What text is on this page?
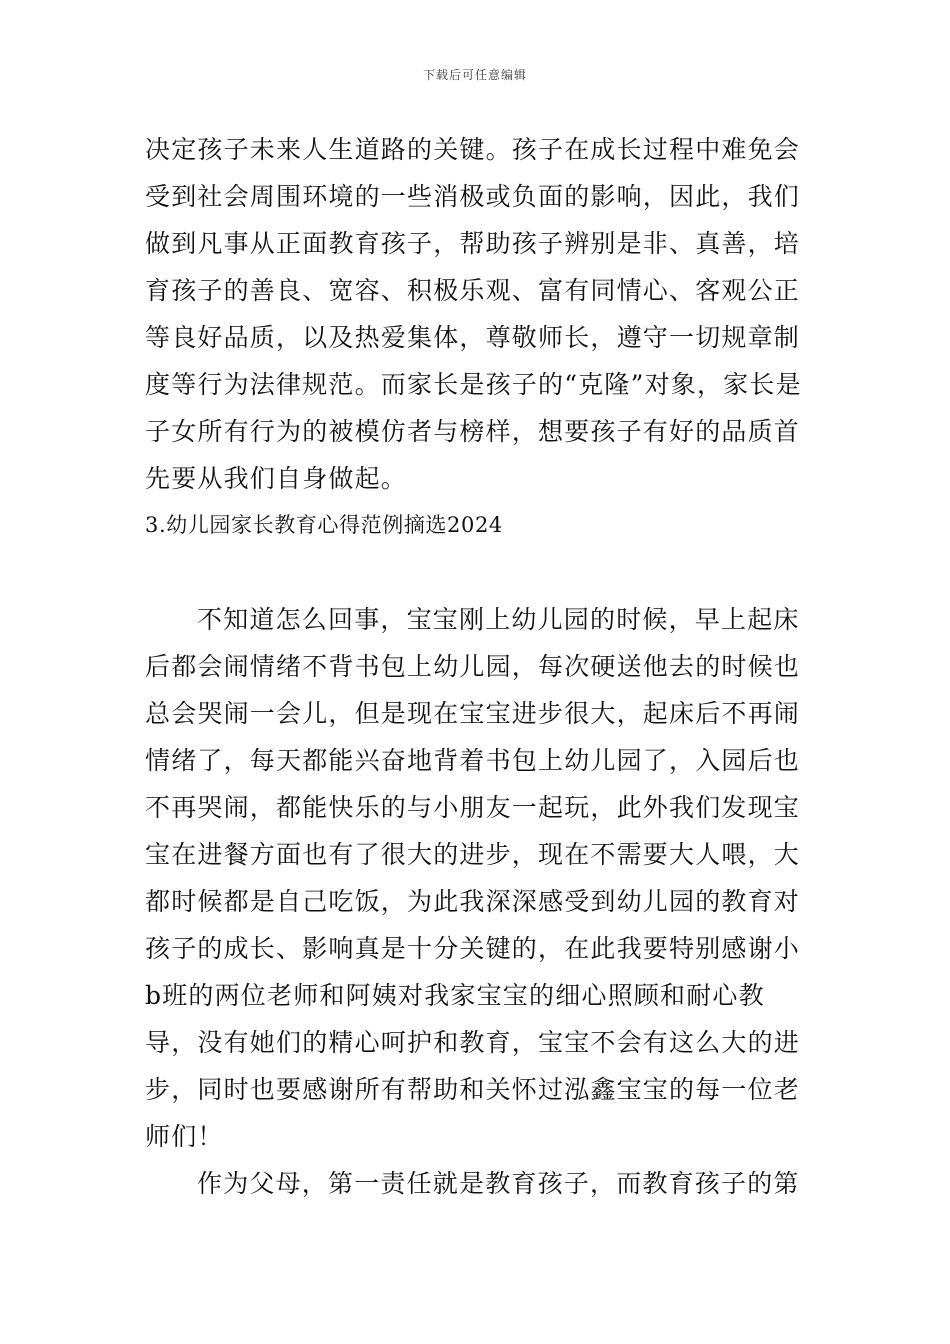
下载后可任意编辑

决定孩子未来人生道路的关键。孩子在成长过程中难免会受到社会周围环境的一些消极或负面的影响，因此，我们做到凡事从正面教育孩子，帮助孩子辨别是非、真善，培育孩子的善良、宽容、积极乐观、富有同情心、客观公正等良好品质，以及热爱集体，尊敬师长，遵守一切规章制度等行为法律规范。而家长是孩子的“克隆”对象，家长是子女所有行为的被模仿者与榜样，想要孩子有好的品质首先要从我们自身做起。

3.幼儿园家长教育心得范例摘选2024

不知道怎么回事，宝宝刚上幼儿园的时候，早上起床后都会闹情绪不背书包上幼儿园，每次硬送他去的时候也总会哭闹一会儿，但是现在宝宝进步很大，起床后不再闹情绪了，每天都能兴奋地背着书包上幼儿园了，入园后也不再哭闹，都能快乐的与小朋友一起玩，此外我们发现宝宝在进餐方面也有了很大的进步，现在不需要大人喂，大都时候都是自己吃饭，为此我深深感受到幼儿园的教育对孩子的成长、影响真是十分关键的，在此我要特别感谢小b班的两位老师和阿姨对我家宝宝的细心照顾和耐心教导，没有她们的精心呵护和教育，宝宝不会有这么大的进步，同时也要感谢所有帮助和关怀过泓鑫宝宝的每一位老师们！

作为父母，第一责任就是教育孩子，而教育孩子的第
